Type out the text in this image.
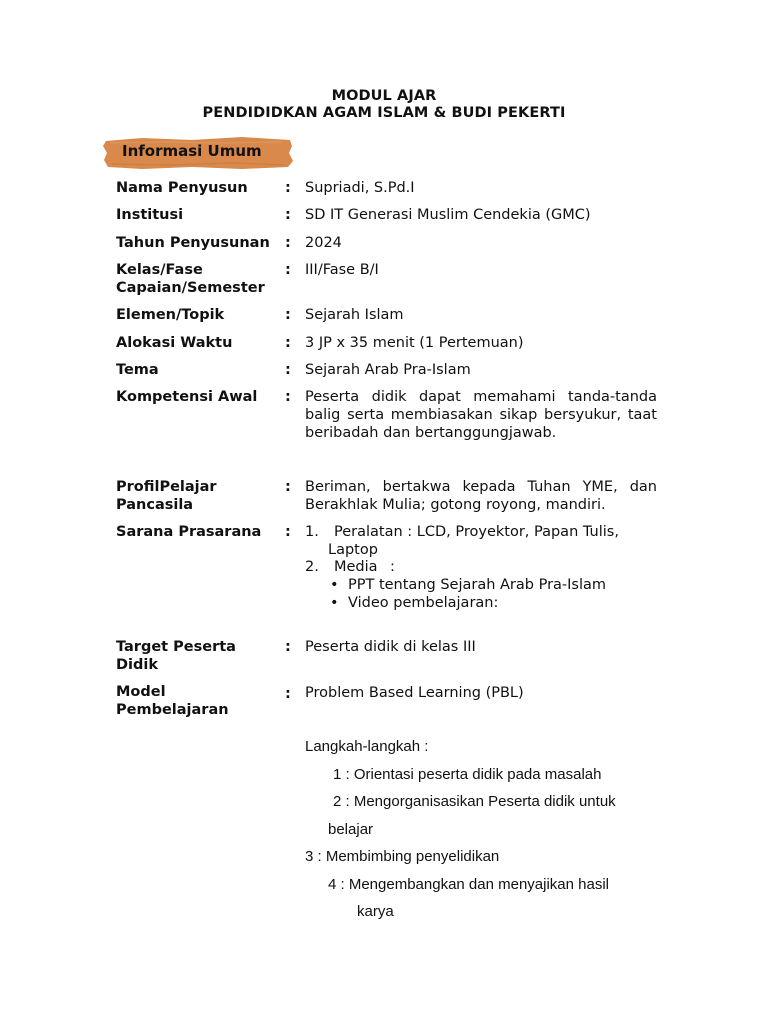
MODUL AJAR
PENDIDIDKAN AGAM ISLAM & BUDI PEKERTI
Informasi Umum
Nama Penyusun	: Supriadi, S.Pd.I
Institusi	: SD IT Generasi Muslim Cendekia (GMC)
Tahun Penyusunan : 2024
Kelas/Fase
Capaian/Semester
: III/Fase B/I
Elemen/Topik	: Sejarah Islam
Alokasi Waktu	: 3 JP x 35 menit (1 Pertemuan)
Tema	: Sejarah Arab Pra-Islam
Kompetensi Awal : Peserta didik dapat memahami tanda-tanda
balig serta membiasakan sikap bersyukur, taat
beribadah dan bertanggungjawab.
ProfilPelajar
Pancasila
: Beriman, bertakwa kepada Tuhan YME, dan
Berakhlak Mulia; gotong royong, mandiri.
Sarana Prasarana : 1. Peralatan : LCD, Proyektor, Papan Tulis,
Laptop
2. Media :
• PPT tentang Sejarah Arab Pra-Islam
• Video pembelajaran:
Target Peserta
Didik
: Peserta didik di kelas III
Model
Pembelajaran
: Problem Based Learning (PBL)
Langkah-langkah :
1 : Orientasi peserta didik pada masalah
2 : Mengorganisasikan Peserta didik untuk
belajar
3 : Membimbing penyelidikan
4 : Mengembangkan dan menyajikan hasil
karya
